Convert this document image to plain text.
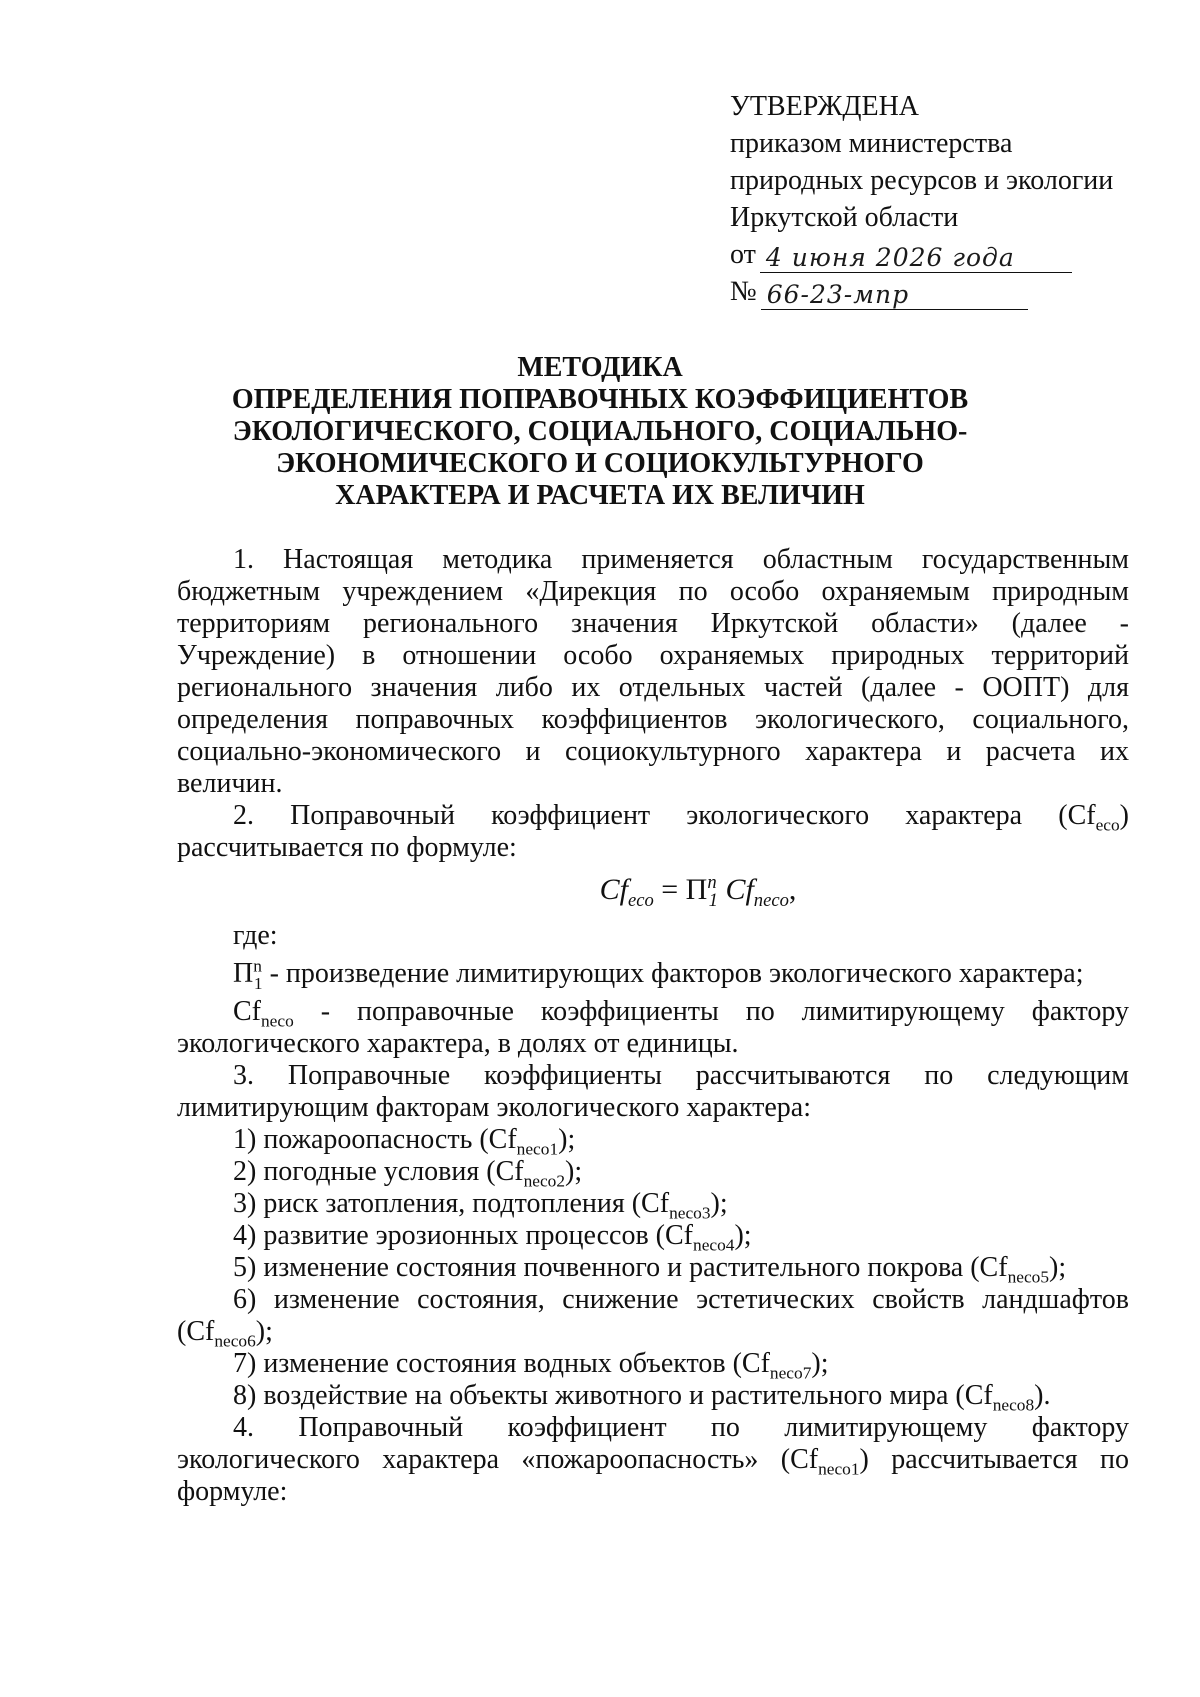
УТВЕРЖДЕНА
приказом министерства
природных ресурсов и экологии
Иркутской области
от 4 июня 2026 года
№ 66-23-мпр
МЕТОДИКА
ОПРЕДЕЛЕНИЯ ПОПРАВОЧНЫХ КОЭФФИЦИЕНТОВ
ЭКОЛОГИЧЕСКОГО, СОЦИАЛЬНОГО, СОЦИАЛЬНО-
ЭКОНОМИЧЕСКОГО И СОЦИОКУЛЬТУРНОГО
ХАРАКТЕРА И РАСЧЕТА ИХ ВЕЛИЧИН

1. Настоящая методика применяется областным государственным бюджетным учреждением «Дирекция по особо охраняемым природным территориям регионального значения Иркутской области» (далее - Учреждение) в отношении особо охраняемых природных территорий регионального значения либо их отдельных частей (далее - ООПТ) для определения поправочных коэффициентов экологического, социального, социально-экономического и социокультурного характера и расчета их величин.

2. Поправочный коэффициент экологического характера $(Cf_{eco})$ рассчитывается по формуле:

$Cf_{eco} = \Pi^n_1$ $Cf_{neco}$,

где:

$\Pi^n_1$ - произведение лимитирующих факторов экологического характера;

$Cf_{neco}$ - поправочные коэффициенты по лимитирующему фактору экологического характера, в долях от единицы.

3. Поправочные коэффициенты рассчитываются по следующим лимитирующим факторам экологического характера:

1) пожароопасность $(Cf_{neco1})$;

2) погодные условия $(Cf_{neco2})$;

3) риск затопления, подтопления $(Cf_{neco3})$;

4) развитие эрозионных процессов $(Cf_{neco4})$;

5) изменение состояния почвенного и растительного покрова $(Cf_{neco5})$;

6) изменение состояния, снижение эстетических свойств ландшафтов $(Cf_{neco6})$;

7) изменение состояния водных объектов $(Cf_{neco7})$;

8) воздействие на объекты животного и растительного мира $(Cf_{neco8})$.

4. Поправочный коэффициент по лимитирующему фактору экологического характера «пожароопасность» $(Cf_{neco1})$ рассчитывается по формуле:
